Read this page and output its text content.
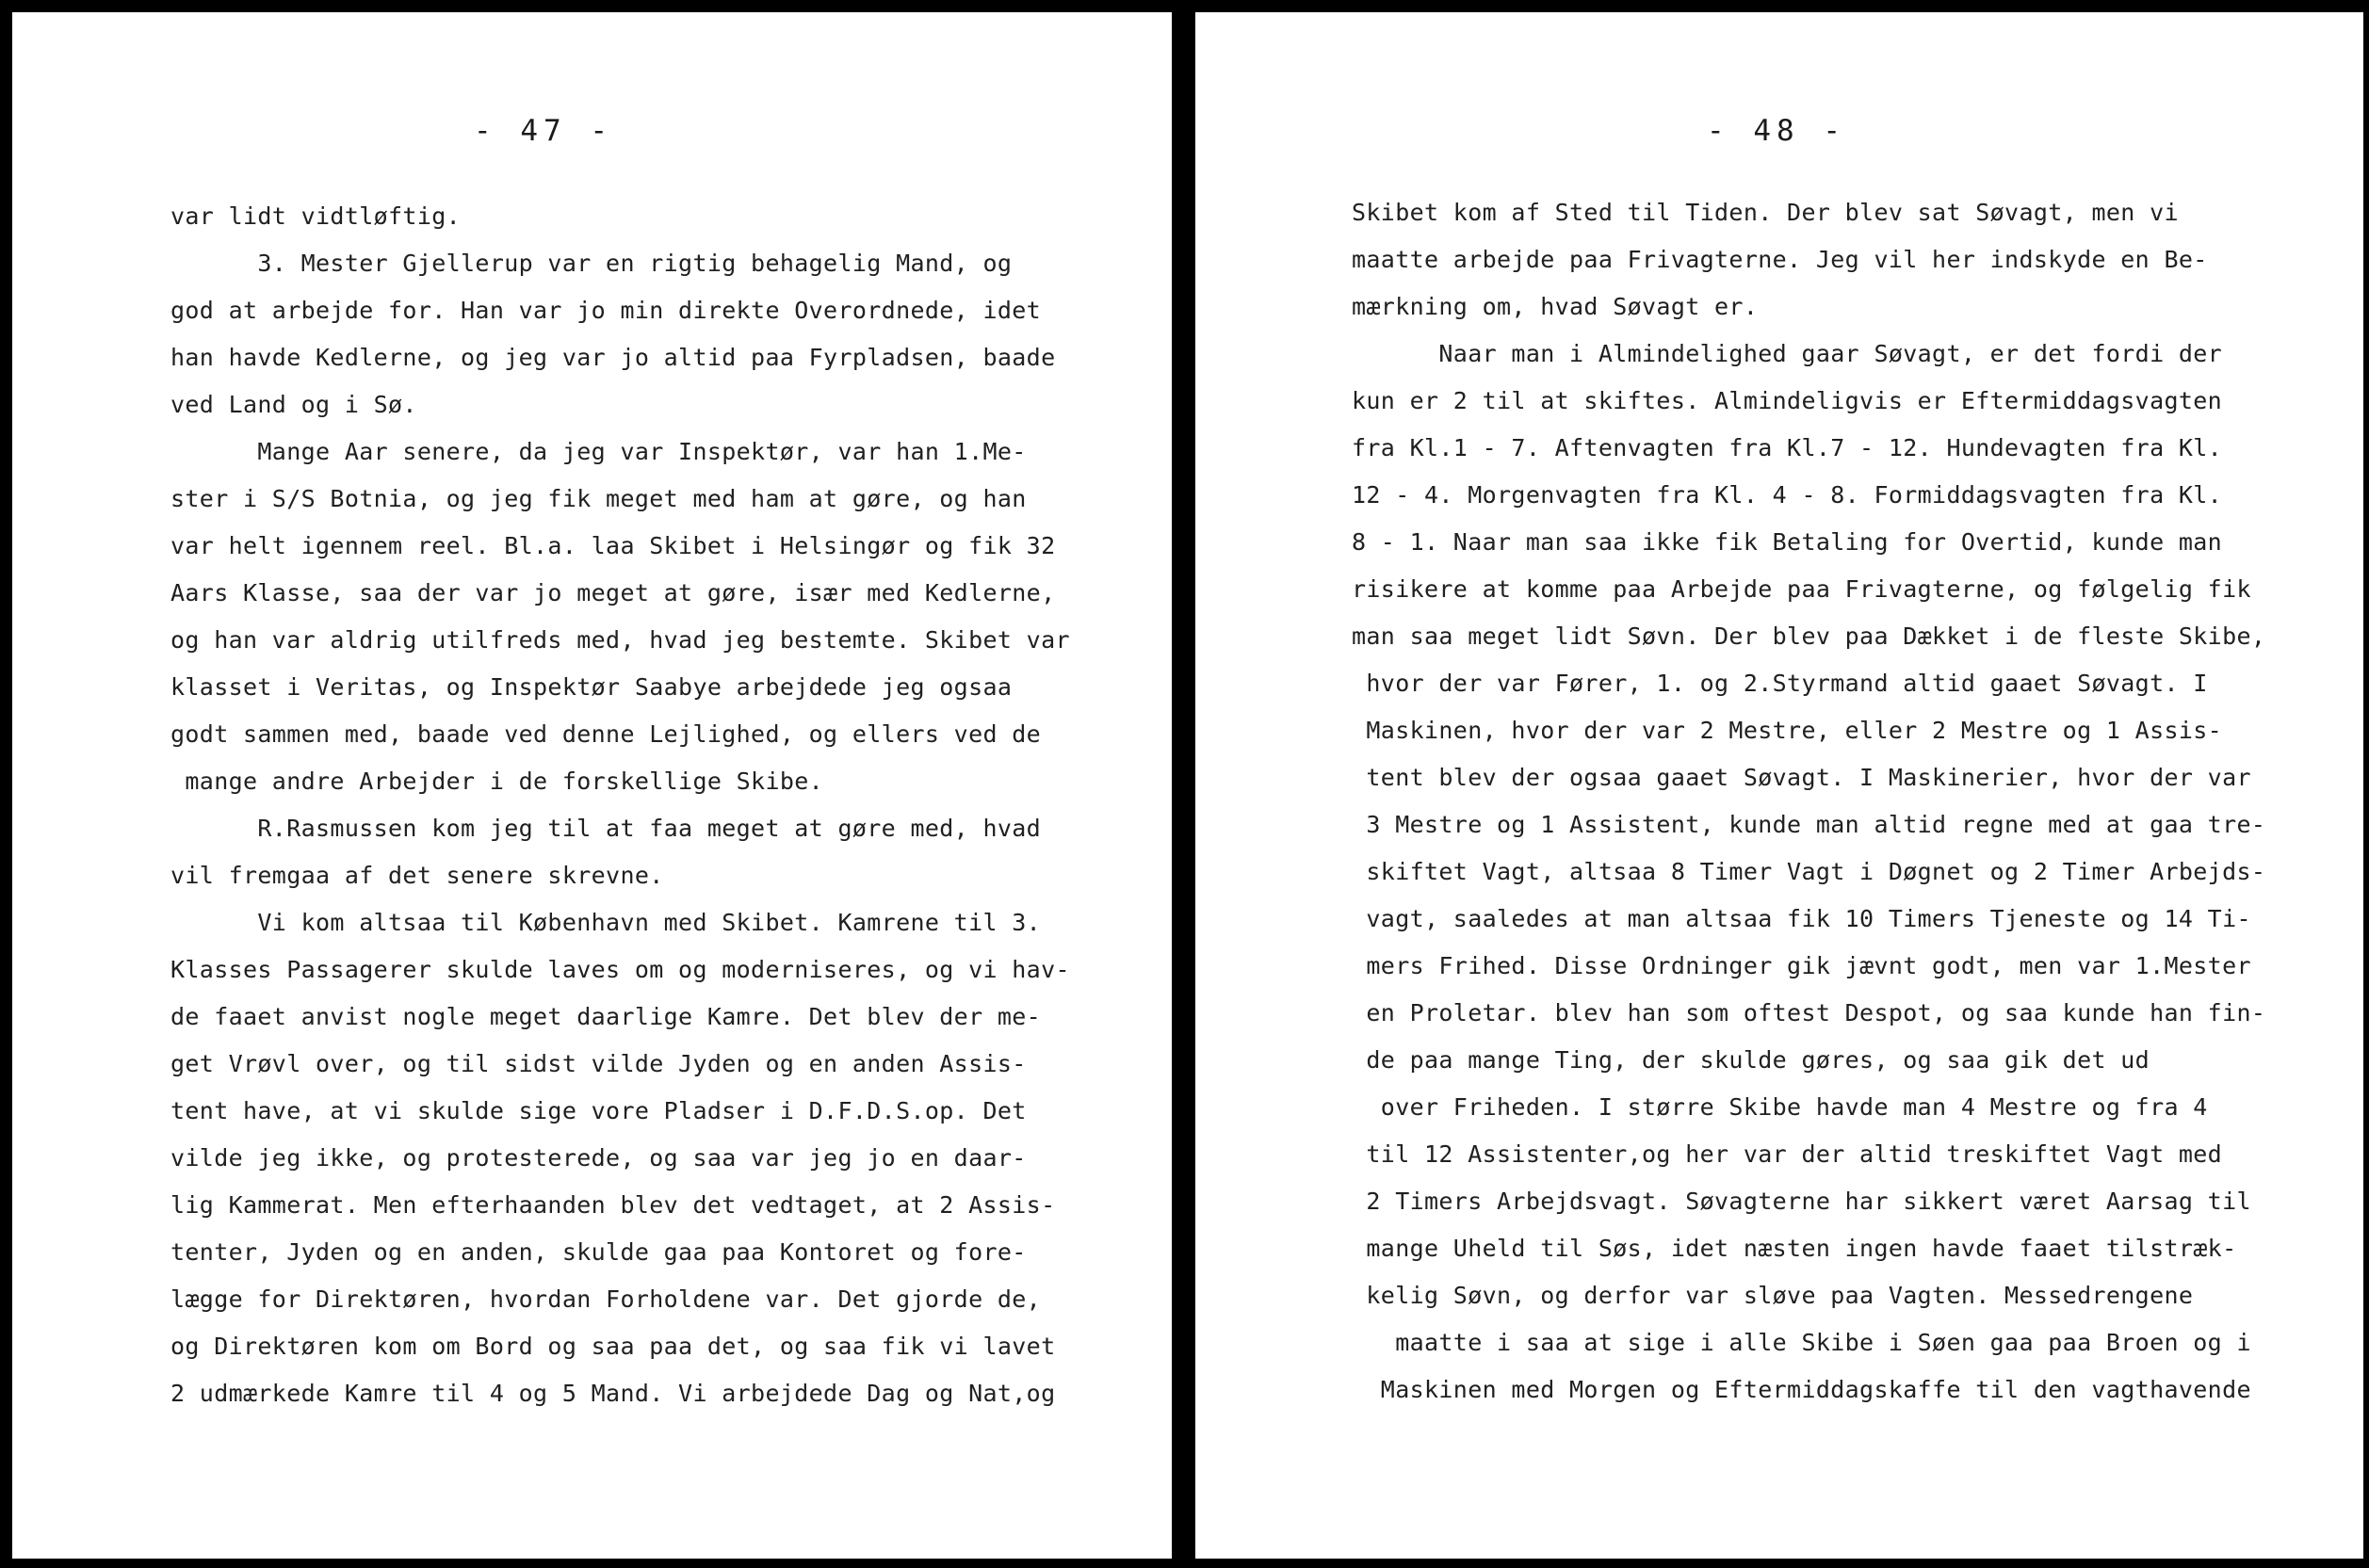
- 47 -
var lidt vidtløftig.
3. Mester Gjellerup var en rigtig behagelig Mand, og
god at arbejde for. Han var jo min direkte Overordnede, idet
han havde Kedlerne, og jeg var jo altid paa Fyrpladsen, baade
ved Land og i Sø.
Mange Aar senere, da jeg var Inspektør, var han 1.Me-
ster i S/S Botnia, og jeg fik meget med ham at gøre, og han
var helt igennem reel. Bl.a. laa Skibet i Helsingør og fik 32
Aars Klasse, saa der var jo meget at gøre, især med Kedlerne,
og han var aldrig utilfreds med, hvad jeg bestemte. Skibet var
klasset i Veritas, og Inspektør Saabye arbejdede jeg ogsaa
godt sammen med, baade ved denne Lejlighed, og ellers ved de
mange andre Arbejder i de forskellige Skibe.
R.Rasmussen kom jeg til at faa meget at gøre med, hvad
vil fremgaa af det senere skrevne.
Vi kom altsaa til København med Skibet. Kamrene til 3.
Klasses Passagerer skulde laves om og moderniseres, og vi hav-
de faaet anvist nogle meget daarlige Kamre. Det blev der me-
get Vrøvl over, og til sidst vilde Jyden og en anden Assis-
tent have, at vi skulde sige vore Pladser i D.F.D.S.op. Det
vilde jeg ikke, og protesterede, og saa var jeg jo en daar-
lig Kammerat. Men efterhaanden blev det vedtaget, at 2 Assis-
tenter, Jyden og en anden, skulde gaa paa Kontoret og fore-
lægge for Direktøren, hvordan Forholdene var. Det gjorde de,
og Direktøren kom om Bord og saa paa det, og saa fik vi lavet
2 udmærkede Kamre til 4 og 5 Mand. Vi arbejdede Dag og Nat,og
- 48 -
Skibet kom af Sted til Tiden. Der blev sat Søvagt, men vi
maatte arbejde paa Frivagterne. Jeg vil her indskyde en Be-
mærkning om, hvad Søvagt er.
Naar man i Almindelighed gaar Søvagt, er det fordi der
kun er 2 til at skiftes. Almindeligvis er Eftermiddagsvagten
fra Kl.1 - 7. Aftenvagten fra Kl.7 - 12. Hundevagten fra Kl.
12 - 4. Morgenvagten fra Kl. 4 - 8. Formiddagsvagten fra Kl.
8 - 1. Naar man saa ikke fik Betaling for Overtid, kunde man
risikere at komme paa Arbejde paa Frivagterne, og følgelig fik
man saa meget lidt Søvn. Der blev paa Dækket i de fleste Skibe,
hvor der var Fører, 1. og 2.Styrmand altid gaaet Søvagt. I
Maskinen, hvor der var 2 Mestre, eller 2 Mestre og 1 Assis-
tent blev der ogsaa gaaet Søvagt. I Maskinerier, hvor der var
3 Mestre og 1 Assistent, kunde man altid regne med at gaa tre-
skiftet Vagt, altsaa 8 Timer Vagt i Døgnet og 2 Timer Arbejds-
vagt, saaledes at man altsaa fik 10 Timers Tjeneste og 14 Ti-
mers Frihed. Disse Ordninger gik jævnt godt, men var 1.Mester
en Proletar. blev han som oftest Despot, og saa kunde han fin-
de paa mange Ting, der skulde gøres, og saa gik det ud
over Friheden. I større Skibe havde man 4 Mestre og fra 4
til 12 Assistenter,og her var der altid treskiftet Vagt med
2 Timers Arbejdsvagt. Søvagterne har sikkert været Aarsag til
mange Uheld til Søs, idet næsten ingen havde faaet tilstræk-
kelig Søvn, og derfor var sløve paa Vagten. Messedrengene
maatte i saa at sige i alle Skibe i Søen gaa paa Broen og i
Maskinen med Morgen og Eftermiddagskaffe til den vagthavende
